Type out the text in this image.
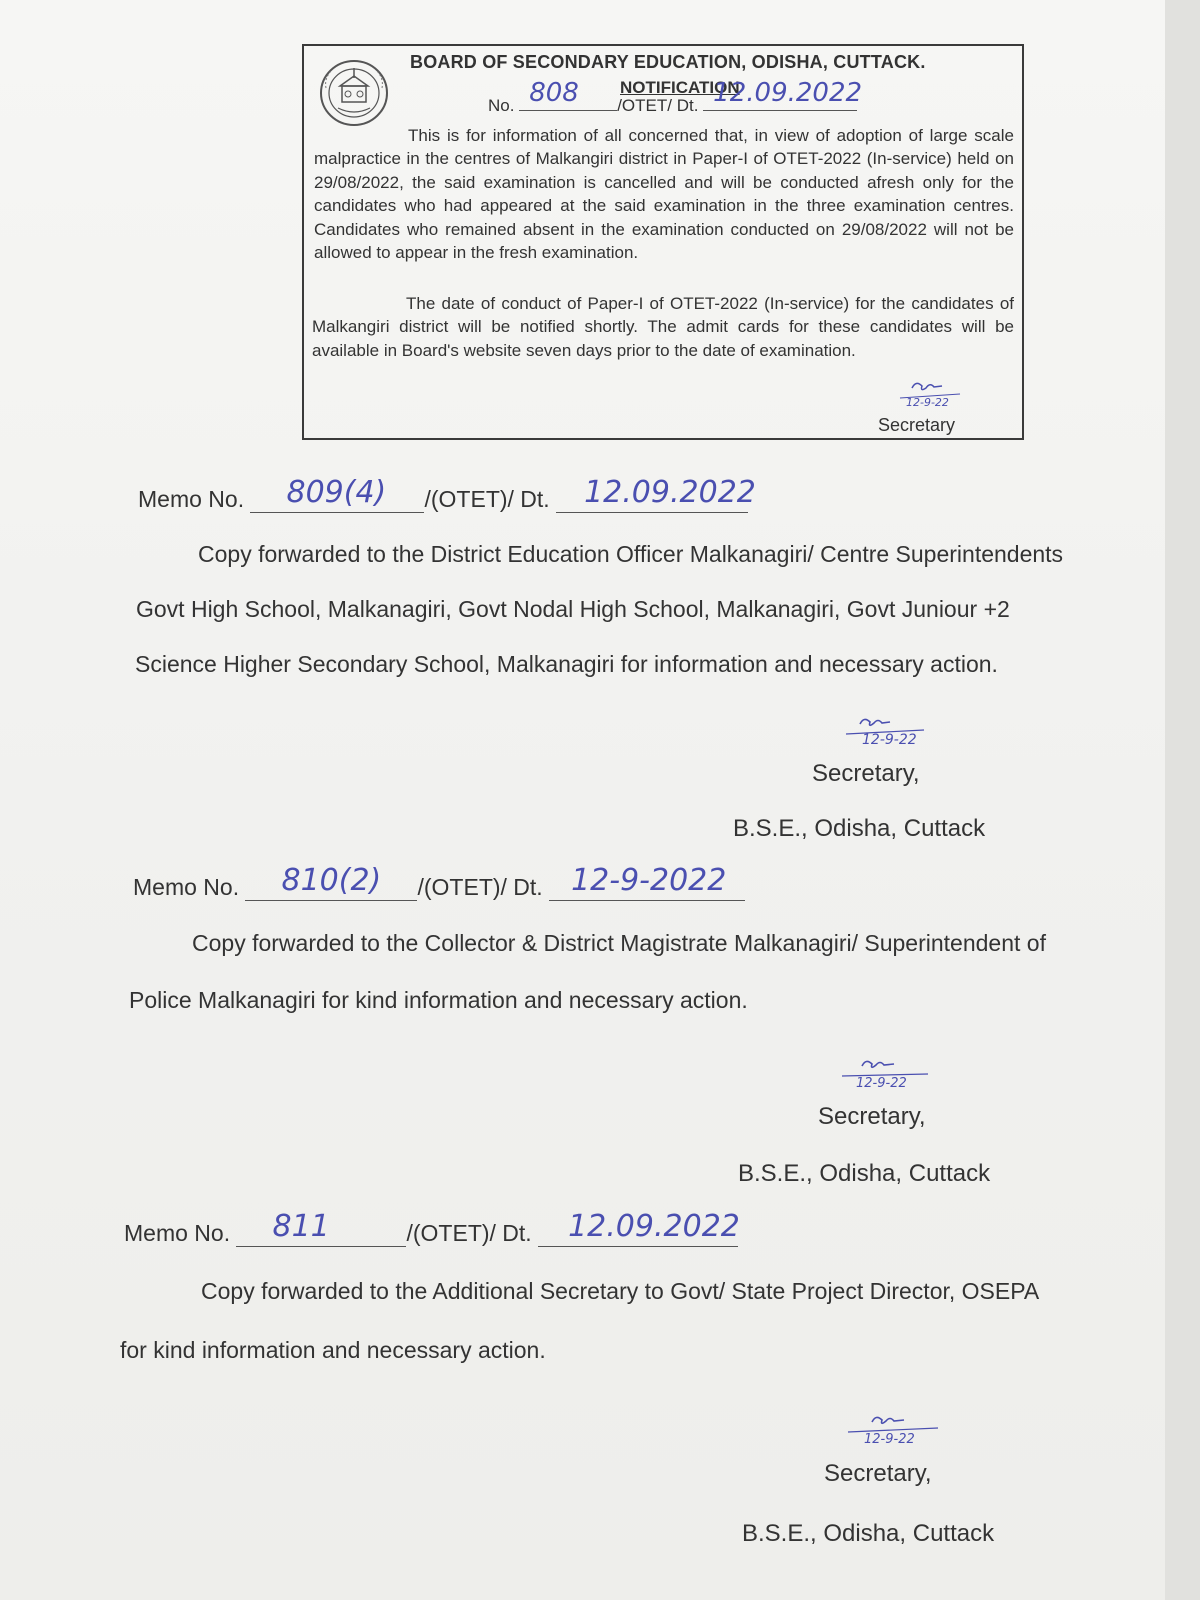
BOARD OF SECONDARY EDUCATION, ODISHA, CUTTACK.
NOTIFICATION
No. 808 /OTET/ Dt. 12.09.2022
This is for information of all concerned that, in view of adoption of large scale malpractice in the centres of Malkangiri district in Paper-I of OTET-2022 (In-service) held on 29/08/2022, the said examination is cancelled and will be conducted afresh only for the candidates who had appeared at the said examination in the three examination centres. Candidates who remained absent in the examination conducted on 29/08/2022 will not be allowed to appear in the fresh examination.
The date of conduct of Paper-I of OTET-2022 (In-service) for the candidates of Malkangiri district will be notified shortly. The admit cards for these candidates will be available in Board's website seven days prior to the date of examination.
12-9-22
Secretary
Memo No. 809(4) /(OTET)/ Dt. 12.09.2022
Copy forwarded to the District Education Officer Malkanagiri/ Centre Superintendents
Govt High School, Malkanagiri, Govt Nodal High School, Malkanagiri, Govt Juniour +2
Science Higher Secondary School, Malkanagiri for information and necessary action.
12-9-22
Secretary,
B.S.E., Odisha, Cuttack
Memo No. 810(2) /(OTET)/ Dt. 12-9-2022
Copy forwarded to the Collector & District Magistrate Malkanagiri/ Superintendent of
Police Malkanagiri for kind information and necessary action.
12-9-22
Secretary,
B.S.E., Odisha, Cuttack
Memo No. 811	/(OTET)/ Dt. 12.09.2022
Copy forwarded to the Additional Secretary to Govt/ State Project Director, OSEPA
for kind information and necessary action.
12-9-22
Secretary,
B.S.E., Odisha, Cuttack
